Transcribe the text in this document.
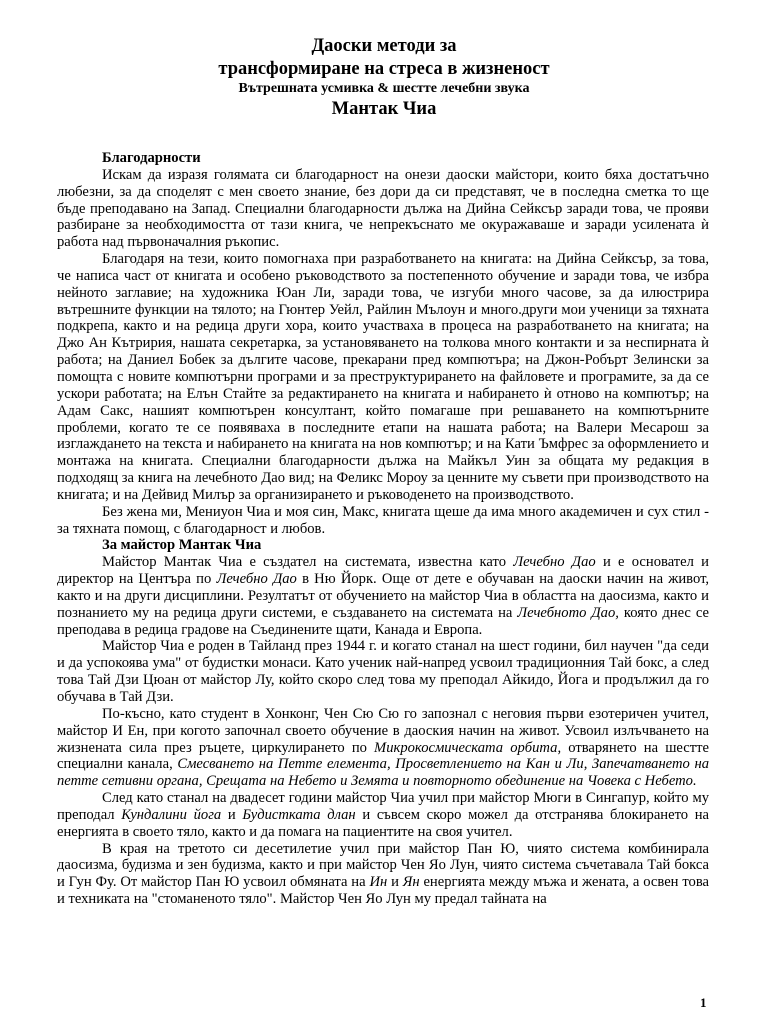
Даоски методи за
трансформиране на стреса в жизненост
Вътрешната усмивка & шестте лечебни звука
Мантак Чиа
Благодарности

Искам да изразя голямата си благодарност на онези даоски майстори, които бяха достатъчно любезни, за да споделят с мен своето знание, без дори да си представят, че в последна сметка то ще бъде преподавано на Запад. Специални благодарности дължа на Дийна Сейксър заради това, че прояви разбиране за необходимостта от тази книга, че непрекъснато ме окуражаваше и заради усилената ѝ работа над първоначалния ръкопис.

Благодаря на тези, които помогнаха при разработването на книгата: на Дийна Сейксър, за това, че написа част от книгата и особено ръководството за постепенното обучение и заради това, че избра нейното заглавие; на художника Юан Ли, заради това, че изгуби много часове, за да илюстрира вътрешните функции на тялото; на Гюнтер Уейл, Райлин Мълоун и много.други мои ученици за тяхната подкрепа, както и на редица други хора, които участваха в процеса на разработването на книгата; на Джо Ан Кътририя, нашата секретарка, за установяването на толкова много контакти и за неспирната ѝ работа; на Даниел Бобек за дългите часове, прекарани пред компютъра; на Джон-Робърт Зелински за помощта с новите компютърни програми и за преструктурирането на файловете и програмите, за да се ускори работата; на Елън Стайте за редактирането на книгата и набирането ѝ отново на компютър; на Адам Сакс, нашият компютърен консултант, който помагаше при решаването на компютърните проблеми, когато те се появяваха в последните етапи на нашата работа; на Валери Месарош за изглаждането на текста и набирането на книгата на нов компютър; и на Кати Ъмфрес за оформлението и монтажа на книгата. Специални благодарности дължа на Майкъл Уин за общата му редакция в подходящ за книга на лечебното Дао вид; на Феликс Мороу за ценните му съвети при производството на книгата; и на Дейвид Милър за организирането и ръководенето на производството.

Без жена ми, Мениуон Чиа и моя син, Макс, книгата щеше да има много академичен и сух стил - за тяхната помощ, с благодарност и любов.

За майстор Мантак Чиа

Майстор Мантак Чиа е създател на системата, известна като Лечебно Дао и е основател и директор на Центъра по Лечебно Дао в Ню Йорк. Още от дете е обучаван на даоски начин на живот, както и на други дисциплини. Резултатът от обучението на майстор Чиа в областта на даосизма, както и познанието му на редица други системи, е създаването на системата на Лечебното Дао, която днес се преподава в редица градове на Съединените щати, Канада и Европа.

Майстор Чиа е роден в Тайланд през 1944 г. и когато станал на шест години, бил научен "да седи и да успокоява ума" от будистки монаси. Като ученик най-напред усвоил традиционния Тай бокс, а след това Тай Дзи Цюан от майстор Лу, който скоро след това му преподал Айкидо, Йога и продължил да го обучава в Тай Дзи.

По-късно, като студент в Хонконг, Чен Сю Сю го запознал с неговия първи езотеричен учител, майстор И Ен, при когото започнал своето обучение в даоския начин на живот. Усвоил излъчването на жизнената сила през ръцете, циркулирането по Микрокосмическата орбита, отварянето на шестте специални канала, Смесването на Петте елемента, Просветлението на Кан и Ли, Запечатването на петте сетивни органа, Срещата на Небето и Земята и повторното обединение на Човека с Небето.

След като станал на двадесет години майстор Чиа учил при майстор Мюги в Сингапур, който му преподал Кундалини йога и Будисткатa длан и съвсем скоро можел да отстранява блокирането на енергията в своето тяло, както и да помага на пациентите на своя учител.

В края на третото си десетилетие учил при майстор Пан Ю, чиято система комбинирала даосизма, будизма и зен будизма, както и при майстор Чен Яо Лун, чиято система съчетавала Тай бокса и Гун Фу. От майстор Пан Ю усвоил обмяната на Ин и Ян енергията между мъжа и жената, а освен това и техниката на "стоманеното тяло". Майстор Чен Яо Лун му предал тайната на

1
